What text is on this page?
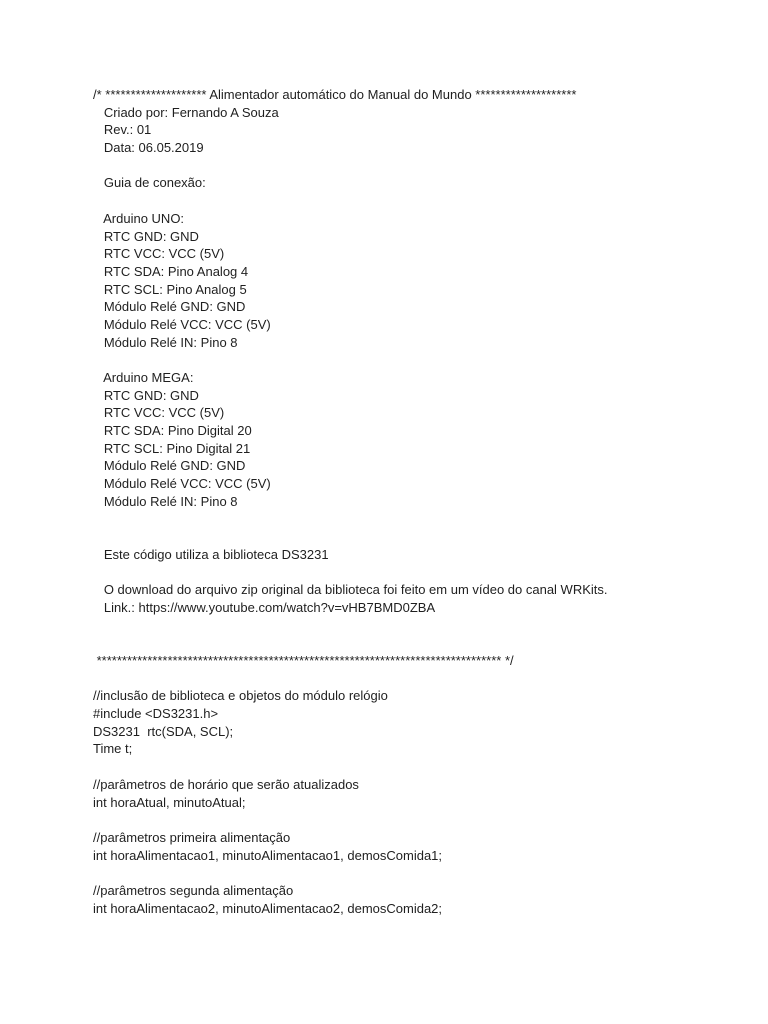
/* ******************** Alimentador automático do Manual do Mundo ********************
Criado por: Fernando A Souza
Rev.: 01
Data: 06.05.2019
Guia de conexão:
Arduino UNO:
RTC GND: GND
RTC VCC: VCC (5V)
RTC SDA: Pino Analog 4
RTC SCL: Pino Analog 5
Módulo Relé GND: GND
Módulo Relé VCC: VCC (5V)
Módulo Relé IN: Pino 8
Arduino MEGA:
RTC GND: GND
RTC VCC: VCC (5V)
RTC SDA: Pino Digital 20
RTC SCL: Pino Digital 21
Módulo Relé GND: GND
Módulo Relé VCC: VCC (5V)
Módulo Relé IN: Pino 8
Este código utiliza a biblioteca DS3231
O download do arquivo zip original da biblioteca foi feito em um vídeo do canal WRKits.
Link.: https://www.youtube.com/watch?v=vHB7BMD0ZBA
******************************************************************************** */
//inclusão de biblioteca e objetos do módulo relógio
#include <DS3231.h>
DS3231  rtc(SDA, SCL);
Time t;
//parâmetros de horário que serão atualizados
int horaAtual, minutoAtual;
//parâmetros primeira alimentação
int horaAlimentacao1, minutoAlimentacao1, demosComida1;
//parâmetros segunda alimentação
int horaAlimentacao2, minutoAlimentacao2, demosComida2;
